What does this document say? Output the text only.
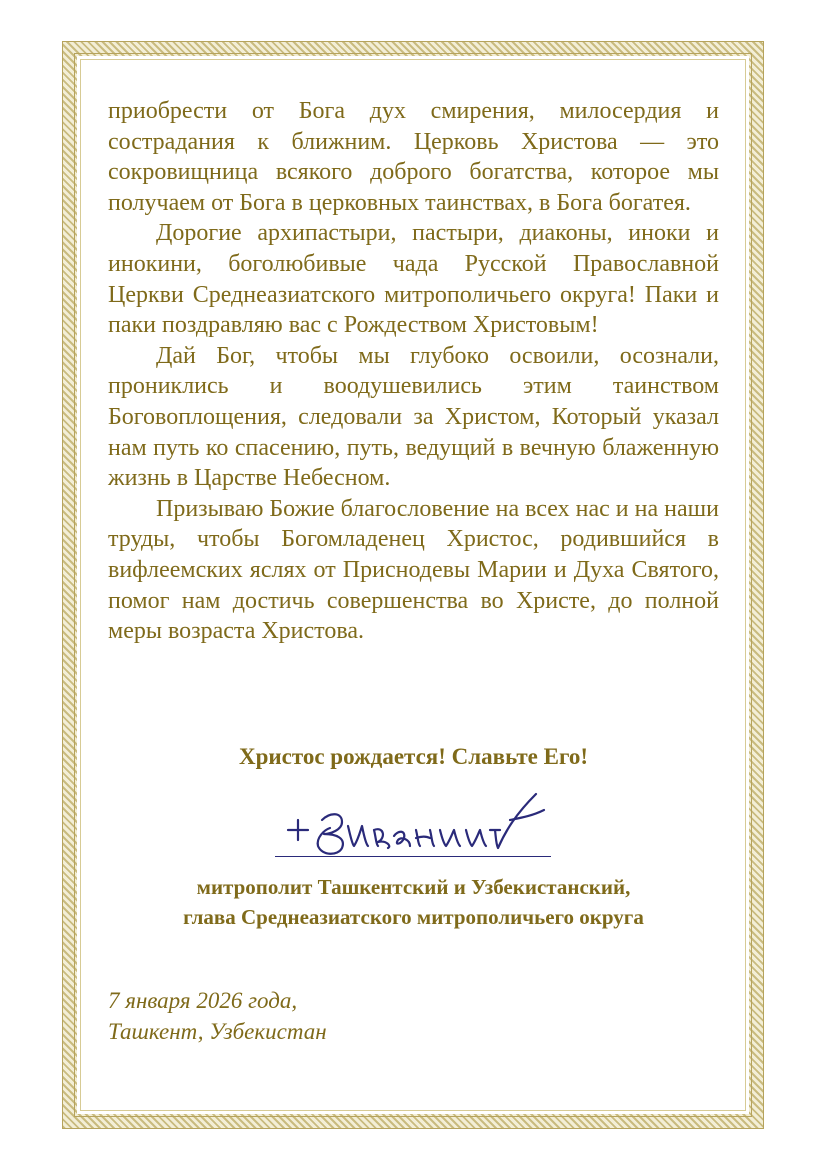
приобрести от Бога дух смирения, милосердия и сострадания к ближним. Церковь Христова — это сокровищница всякого доброго богатства, которое мы получаем от Бога в церковных таинствах, в Бога богатея.

Дорогие архипастыри, пастыри, диаконы, иноки и инокини, боголюбивые чада Русской Православной Церкви Среднеазиатского митрополичьего округа! Паки и паки поздравляю вас с Рождеством Христовым!

Дай Бог, чтобы мы глубоко освоили, осознали, прониклись и воодушевились этим таинством Боговоплощения, следовали за Христом, Который указал нам путь ко спасению, путь, ведущий в вечную блаженную жизнь в Царстве Небесном.

Призываю Божие благословение на всех нас и на наши труды, чтобы Богомладенец Христос, родившийся в вифлеемских яслях от Приснодевы Марии и Духа Святого, помог нам достичь совершенства во Христе, до полной меры возраста Христова.

Христос рождается! Славьте Его!
митрополит Ташкентский и Узбекистанский,
глава Среднеазиатского митрополичьего округа
7 января 2026 года,
Ташкент, Узбекистан
